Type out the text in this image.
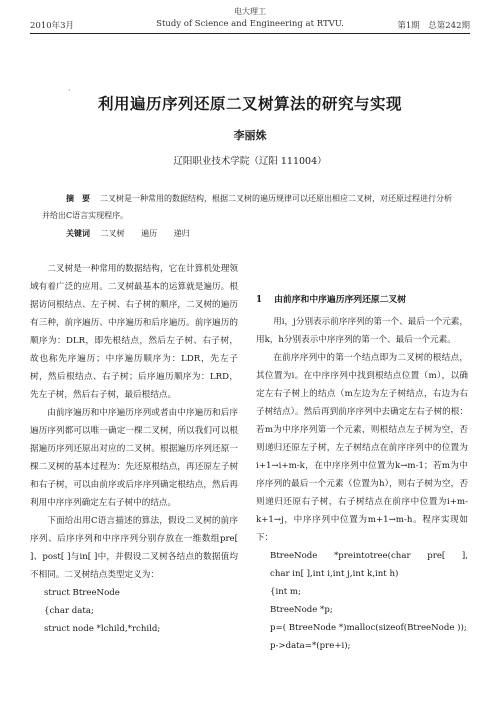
电大理工
2010年3月	Study of Science and Engineering at RTVU.	第1期　总第242期
·
利用遍历序列还原二叉树算法的研究与实现
李丽姝
辽阳职业技术学院（辽阳 111004）
摘　要 二叉树是一种常用的数据结构，根据二叉树的遍历规律可以还原出相应二叉树，对还原过程进行分析并给出C语言实现程序。
关键词 二叉树 遍历 递归

二叉树是一种常用的数据结构，它在计算机处理领域有着广泛的应用。二叉树最基本的运算就是遍历。根据访问根结点、左子树、右子树的顺序，二叉树的遍历有三种，前序遍历、中序遍历和后序遍历。前序遍历的顺序为：DLR，即先根结点，然后左子树、右子树，故也称先序遍历；中序遍历顺序为：LDR，先左子树，然后根结点、右子树；后序遍历顺序为：LRD，先左子树，然后右子树，最后根结点。

由前序遍历和中序遍历序列或者由中序遍历和后序遍历序列都可以唯一确定一棵二叉树，所以我们可以根据遍历序列还原出对应的二叉树。根据遍历序列还原一棵二叉树的基本过程为：先还原根结点，再还原左子树和右子树，可以由前序或后序序列确定根结点，然后再利用中序序列确定左右子树中的结点。

下面给出用C语言描述的算法，假设二叉树的前序序列、后序序列和中序序列分别存放在一维数组pre[ ]、post[ ]与in[ ]中，并假设二叉树各结点的数据值均不相同。二叉树结点类型定义为：

struct BtreeNode

{char data;

struct node *lchild,*rchild;

1 由前序和中序遍历序列还原二叉树

用i，j分别表示前序序列的第一个、最后一个元素，用k，h分别表示中序序列的第一个、最后一个元素。

在前序序列中的第一个结点即为二叉树的根结点，其位置为i。在中序序列中找到根结点位置（m），以确定左右子树上的结点（m左边为左子树结点，右边为右子树结点）。然后再到前序序列中去确定左右子树的根：若m为中序序列第一个元素，则根结点左子树为空，否则递归还原左子树，左子树结点在前序序列中的位置为i+1→i+m-k，在中序序列中位置为k→m-1；若m为中序序列的最后一个元素（位置为h），则右子树为空，否则递归还原右子树，右子树结点在前序中位置为i+m-k+1→j，中序序列中位置为m+1→m-h。程序实现如下：

BtreeNode　*preintotree(char　pre[　],　char in[ ],int i,int j,int k,int h)

{int m;

BtreeNode *p;

p=( BtreeNode *)malloc(sizeof(BtreeNode ));

p->data=*(pre+i);
